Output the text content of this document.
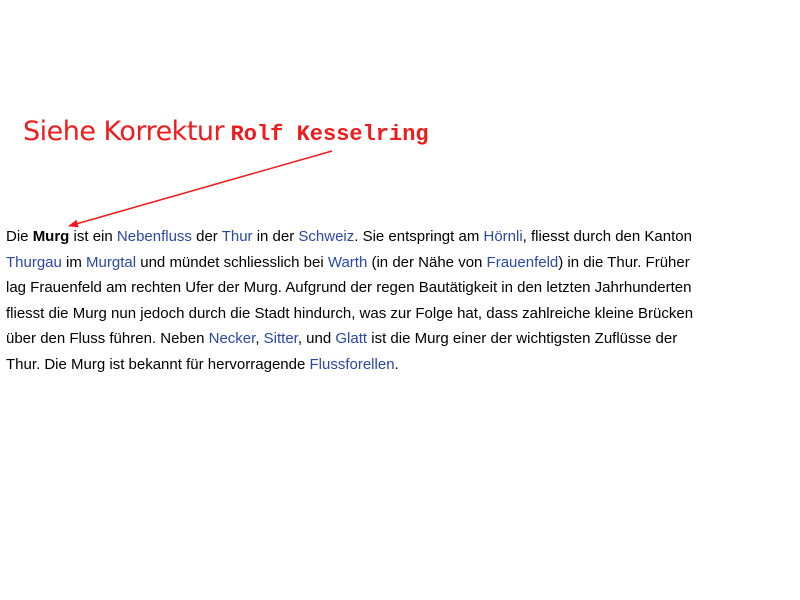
Siehe Korrektur Rolf Kesselring

Die Murg ist ein Nebenfluss der Thur in der Schweiz. Sie entspringt am Hörnli, fliesst durch den Kanton
Thurgau im Murgtal und mündet schliesslich bei Warth (in der Nähe von Frauenfeld) in die Thur. Früher
lag Frauenfeld am rechten Ufer der Murg. Aufgrund der regen Bautätigkeit in den letzten Jahrhunderten
fliesst die Murg nun jedoch durch die Stadt hindurch, was zur Folge hat, dass zahlreiche kleine Brücken
über den Fluss führen. Neben Necker, Sitter, und Glatt ist die Murg einer der wichtigsten Zuflüsse der
Thur. Die Murg ist bekannt für hervorragende Flussforellen.
